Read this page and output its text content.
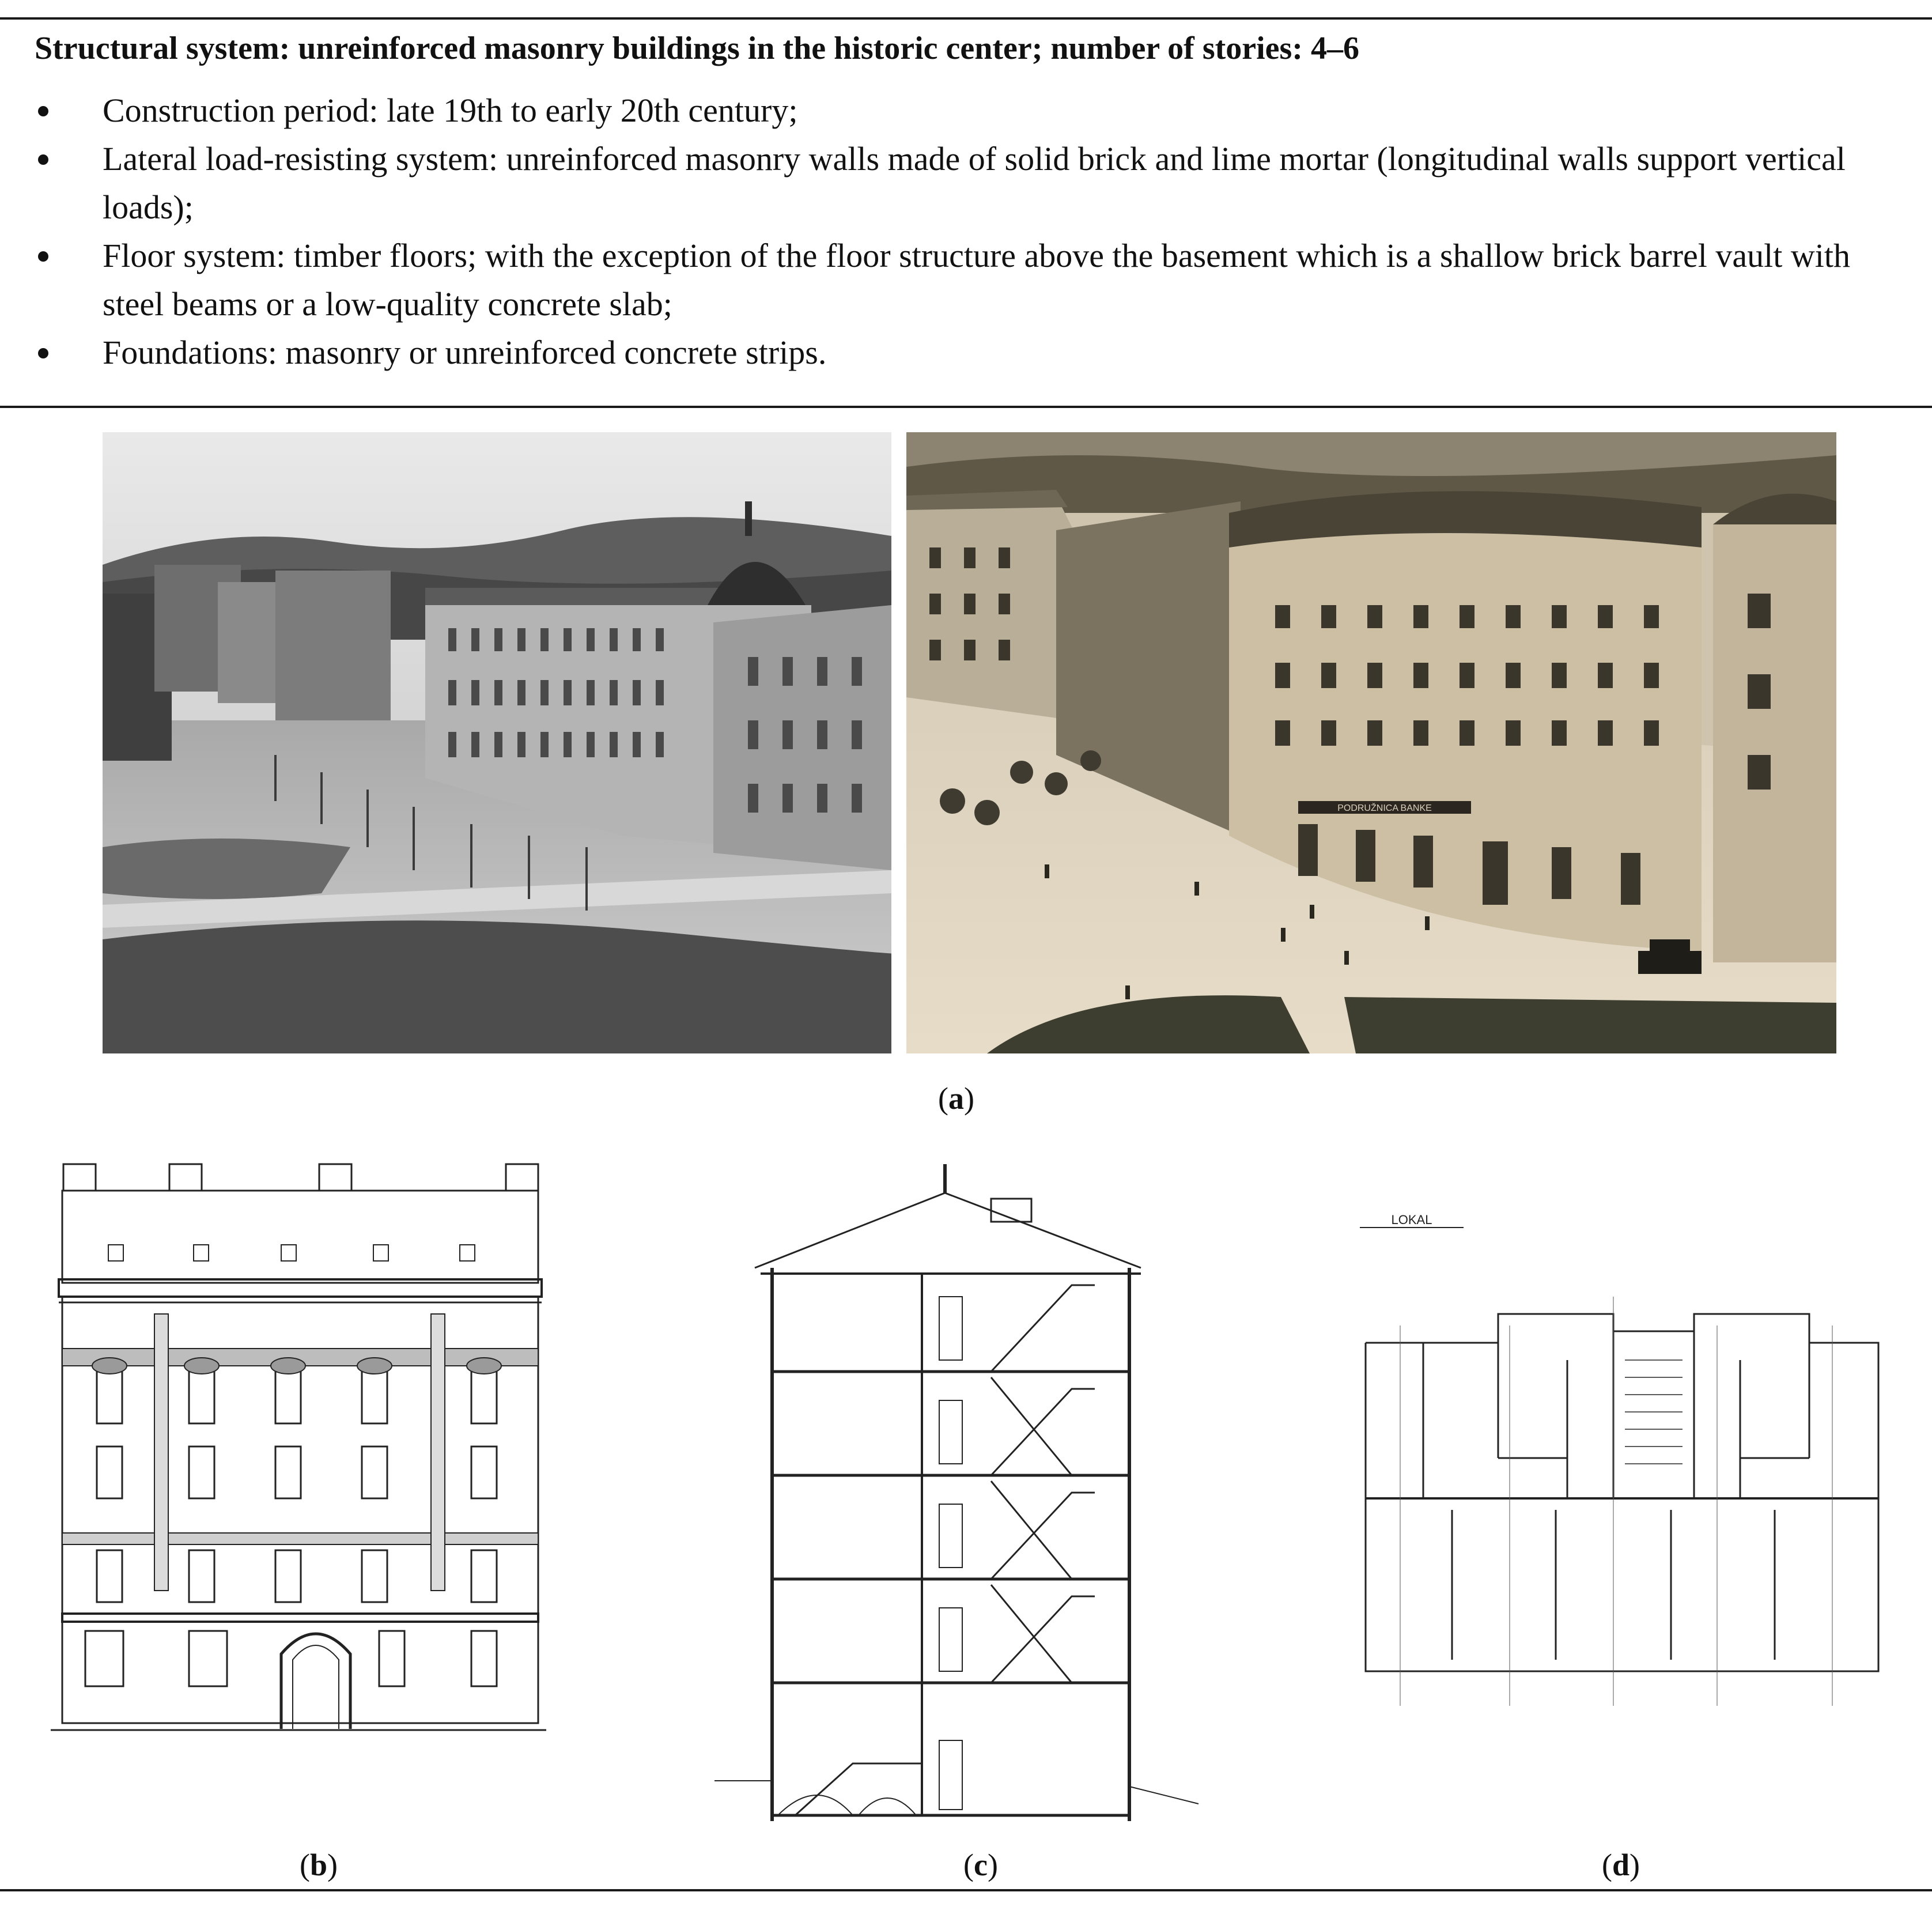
Structural system: unreinforced masonry buildings in the historic center; number of stories: 4–6
Construction period: late 19th to early 20th century;
Lateral load-resisting system: unreinforced masonry walls made of solid brick and lime mortar (longitudinal walls support vertical loads);
Floor system: timber floors; with the exception of the floor structure above the basement which is a shallow brick barrel vault with steel beams or a low-quality concrete slab;
Foundations: masonry or unreinforced concrete strips.
PODRUŽNICA BANKE
(a)
(b)	(c)
LOKAL
(d)
